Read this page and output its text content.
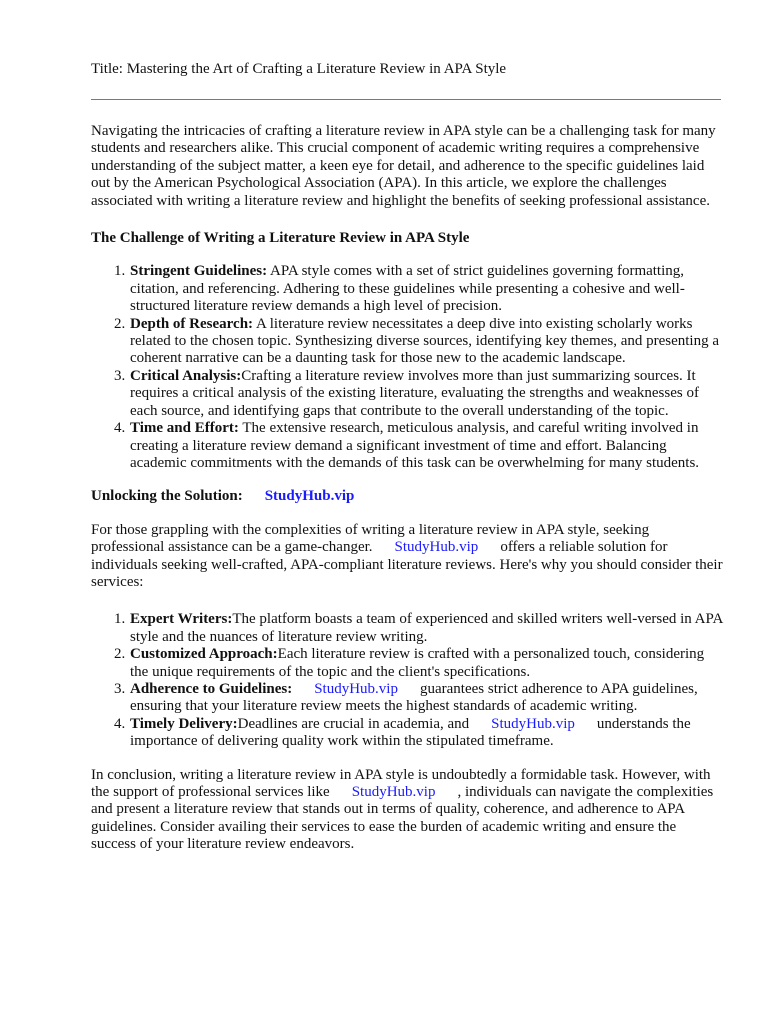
Title: Mastering the Art of Crafting a Literature Review in APA Style

Navigating the intricacies of crafting a literature review in APA style can be a challenging task for many students and researchers alike. This crucial component of academic writing requires a comprehensive understanding of the subject matter, a keen eye for detail, and adherence to the specific guidelines laid out by the American Psychological Association (APA). In this article, we explore the challenges associated with writing a literature review and highlight the benefits of seeking professional assistance.

The Challenge of Writing a Literature Review in APA Style

1. Stringent Guidelines: APA style comes with a set of strict guidelines governing formatting, citation, and referencing. Adhering to these guidelines while presenting a cohesive and well-structured literature review demands a high level of precision.
2. Depth of Research: A literature review necessitates a deep dive into existing scholarly works related to the chosen topic. Synthesizing diverse sources, identifying key themes, and presenting a coherent narrative can be a daunting task for those new to the academic landscape.
3. Critical Analysis:Crafting a literature review involves more than just summarizing sources. It requires a critical analysis of the existing literature, evaluating the strengths and weaknesses of each source, and identifying gaps that contribute to the overall understanding of the topic.
4. Time and Effort: The extensive research, meticulous analysis, and careful writing involved in creating a literature review demand a significant investment of time and effort. Balancing academic commitments with the demands of this task can be overwhelming for many students.

Unlocking the Solution: StudyHub.vip

For those grappling with the complexities of writing a literature review in APA style, seeking professional assistance can be a game-changer. StudyHub.vip offers a reliable solution for individuals seeking well-crafted, APA-compliant literature reviews. Here's why you should consider their services:

1. Expert Writers:The platform boasts a team of experienced and skilled writers well-versed in APA style and the nuances of literature review writing.
2. Customized Approach:Each literature review is crafted with a personalized touch, considering the unique requirements of the topic and the client's specifications.
3. Adherence to Guidelines: StudyHub.vip guarantees strict adherence to APA guidelines, ensuring that your literature review meets the highest standards of academic writing.
4. Timely Delivery:Deadlines are crucial in academia, and StudyHub.vip understands the importance of delivering quality work within the stipulated timeframe.

In conclusion, writing a literature review in APA style is undoubtedly a formidable task. However, with the support of professional services like StudyHub.vip , individuals can navigate the complexities and present a literature review that stands out in terms of quality, coherence, and adherence to APA guidelines. Consider availing their services to ease the burden of academic writing and ensure the success of your literature review endeavors.
